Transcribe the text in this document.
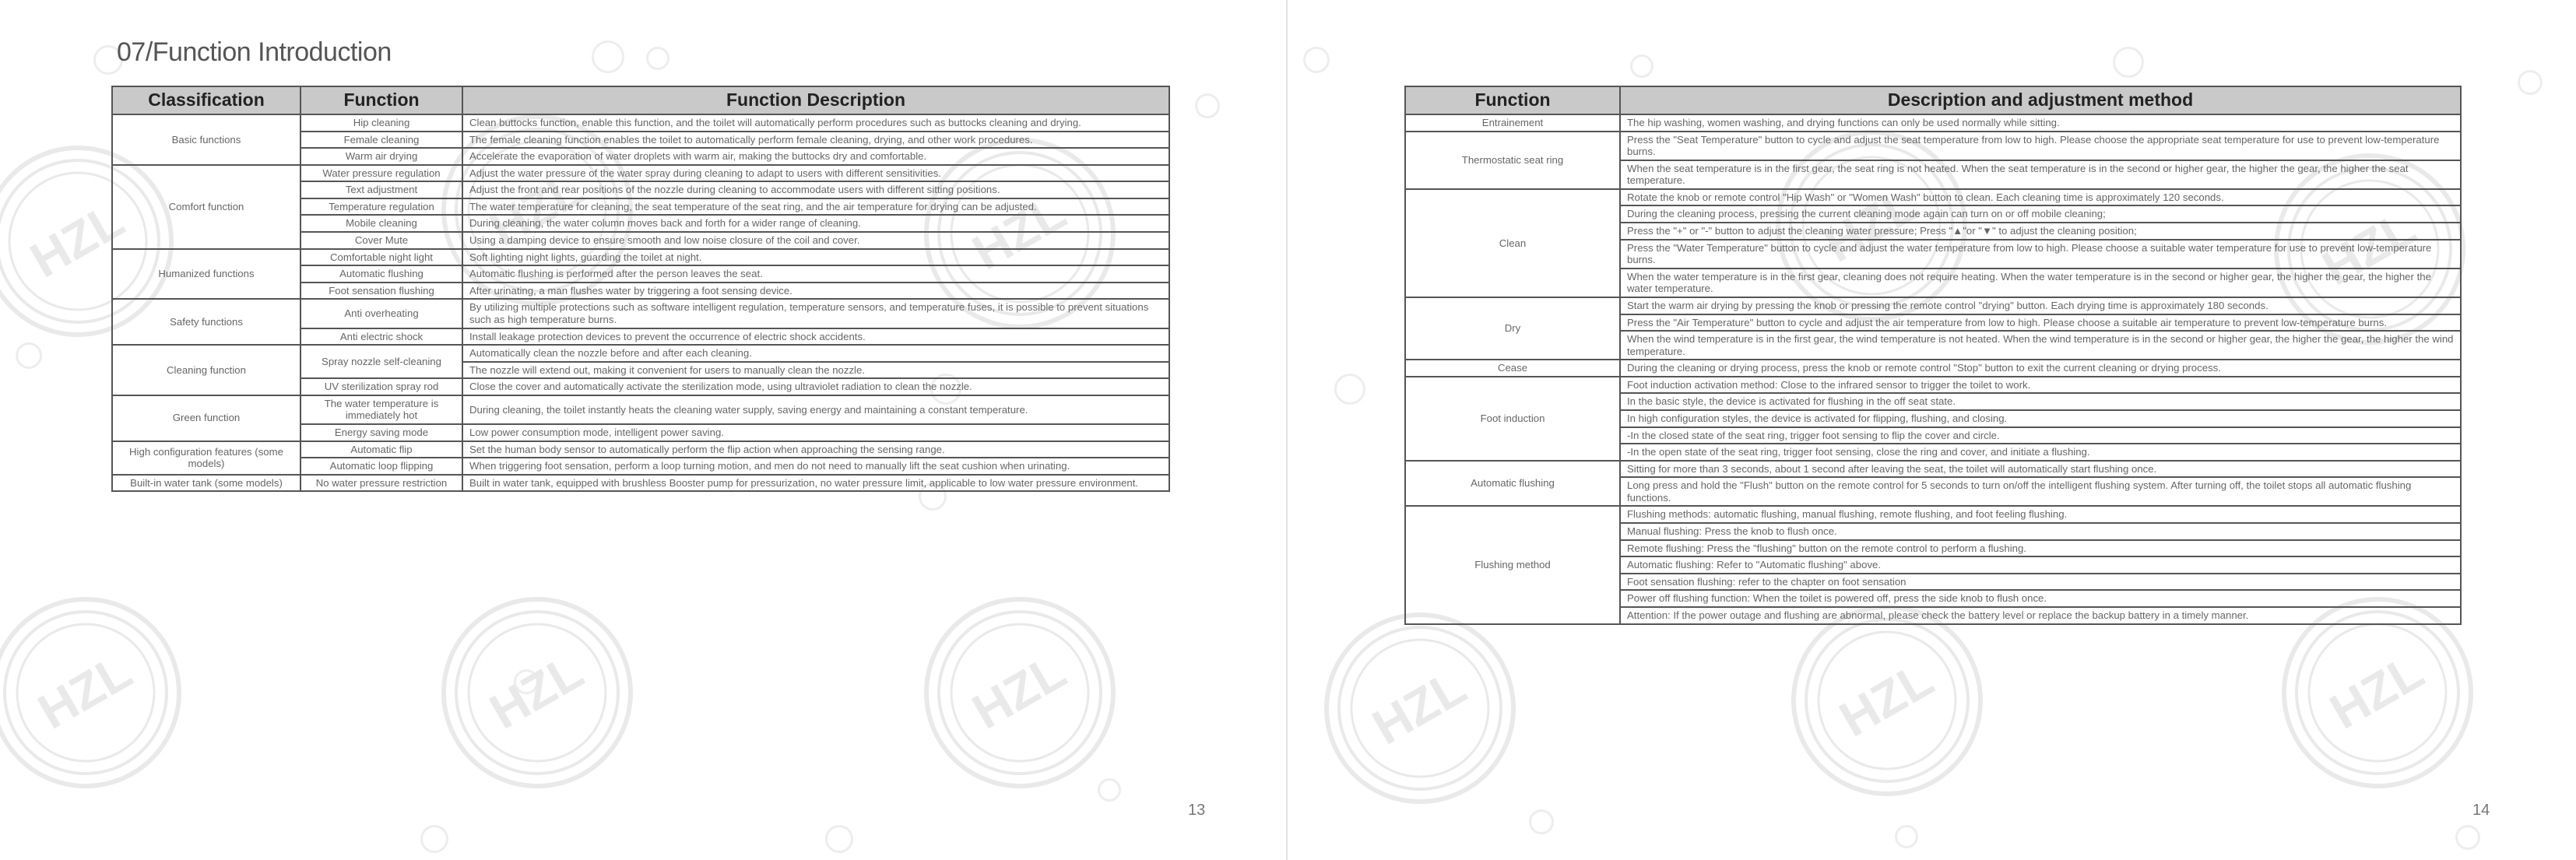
HZL
HZL
HZL
HZL
HZL
HZL
07/Function Introduction
Classification	Function	Function Description
Basic functions	Hip cleaning	Clean buttocks function, enable this function, and the toilet will automatically perform procedures such as buttocks cleaning and drying.
	Female cleaning	The female cleaning function enables the toilet to automatically perform female cleaning, drying, and other work procedures.
	Warm air drying	Accelerate the evaporation of water droplets with warm air, making the buttocks dry and comfortable.
Comfort function	Water pressure regulation	Adjust the water pressure of the water spray during cleaning to adapt to users with different sensitivities.
	Text adjustment	Adjust the front and rear positions of the nozzle during cleaning to accommodate users with different sitting positions.
	Temperature regulation	The water temperature for cleaning, the seat temperature of the seat ring, and the air temperature for drying can be adjusted.
	Mobile cleaning	During cleaning, the water column moves back and forth for a wider range of cleaning.
	Cover Mute	Using a damping device to ensure smooth and low noise closure of the coil and cover.
Humanized functions	Comfortable night light	Soft lighting night lights, guarding the toilet at night.
	Automatic flushing	Automatic flushing is performed after the person leaves the seat.
	Foot sensation flushing	After urinating, a man flushes water by triggering a foot sensing device.
Safety functions	Anti overheating	By utilizing multiple protections such as software intelligent regulation, temperature sensors, and temperature fuses, it is possible to prevent situations such as high temperature burns.
	Anti electric shock	Install leakage protection devices to prevent the occurrence of electric shock accidents.
Cleaning function	Spray nozzle self-cleaning	Automatically clean the nozzle before and after each cleaning.
		The nozzle will extend out, making it convenient for users to manually clean the nozzle.
	UV sterilization spray rod	Close the cover and automatically activate the sterilization mode, using ultraviolet radiation to clean the nozzle.
Green function	The water temperature is immediately hot	During cleaning, the toilet instantly heats the cleaning water supply, saving energy and maintaining a constant temperature.
	Energy saving mode	Low power consumption mode, intelligent power saving.
High configuration features (some models)	Automatic flip	Set the human body sensor to automatically perform the flip action when approaching the sensing range.
	Automatic loop flipping	When triggering foot sensation, perform a loop turning motion, and men do not need to manually lift the seat cushion when urinating.
Built-in water tank (some models)	No water pressure restriction	Built in water tank, equipped with brushless Booster pump for pressurization, no water pressure limit, applicable to low water pressure environment.
13
HZL
HZL
HZL
HZL
HZL
14
Function	Description and adjustment method
Entrainement	The hip washing, women washing, and drying functions can only be used normally while sitting.
Thermostatic seat ring	Press the "Seat Temperature" button to cycle and adjust the seat temperature from low to high. Please choose the appropriate seat temperature for use to prevent low-temperature burns.
	When the seat temperature is in the first gear, the seat ring is not heated. When the seat temperature is in the second or higher gear, the higher the gear, the higher the seat temperature.
Clean	Rotate the knob or remote control "Hip Wash" or "Women Wash" button to clean. Each cleaning time is approximately 120 seconds.
	During the cleaning process, pressing the current cleaning mode again can turn on or off mobile cleaning;
	Press the "+" or "-" button to adjust the cleaning water pressure; Press "▲"or "▼" to adjust the cleaning position;
	Press the "Water Temperature" button to cycle and adjust the water temperature from low to high. Please choose a suitable water temperature for use to prevent low-temperature burns.
	When the water temperature is in the first gear, cleaning does not require heating. When the water temperature is in the second or higher gear, the higher the gear, the higher the water temperature.
Dry	Start the warm air drying by pressing the knob or pressing the remote control "drying" button. Each drying time is approximately 180 seconds.
	Press the "Air Temperature" button to cycle and adjust the air temperature from low to high. Please choose a suitable air temperature to prevent low-temperature burns.
	When the wind temperature is in the first gear, the wind temperature is not heated. When the wind temperature is in the second or higher gear, the higher the gear, the higher the wind temperature.
Cease	During the cleaning or drying process, press the knob or remote control "Stop" button to exit the current cleaning or drying process.
Foot induction	Foot induction activation method: Close to the infrared sensor to trigger the toilet to work.
	In the basic style, the device is activated for flushing in the off seat state.
	In high configuration styles, the device is activated for flipping, flushing, and closing.
	-In the closed state of the seat ring, trigger foot sensing to flip the cover and circle.
	-In the open state of the seat ring, trigger foot sensing, close the ring and cover, and initiate a flushing.
Automatic flushing	Sitting for more than 3 seconds, about 1 second after leaving the seat, the toilet will automatically start flushing once.
	Long press and hold the "Flush" button on the remote control for 5 seconds to turn on/off the intelligent flushing system. After turning off, the toilet stops all automatic flushing functions.
Flushing method	Flushing methods: automatic flushing, manual flushing, remote flushing, and foot feeling flushing.
	Manual flushing: Press the knob to flush once.
	Remote flushing: Press the "flushing" button on the remote control to perform a flushing.
	Automatic flushing: Refer to "Automatic flushing" above.
	Foot sensation flushing: refer to the chapter on foot sensation
	Power off flushing function: When the toilet is powered off, press the side knob to flush once.
	Attention: If the power outage and flushing are abnormal, please check the battery level or replace the backup battery in a timely manner.
